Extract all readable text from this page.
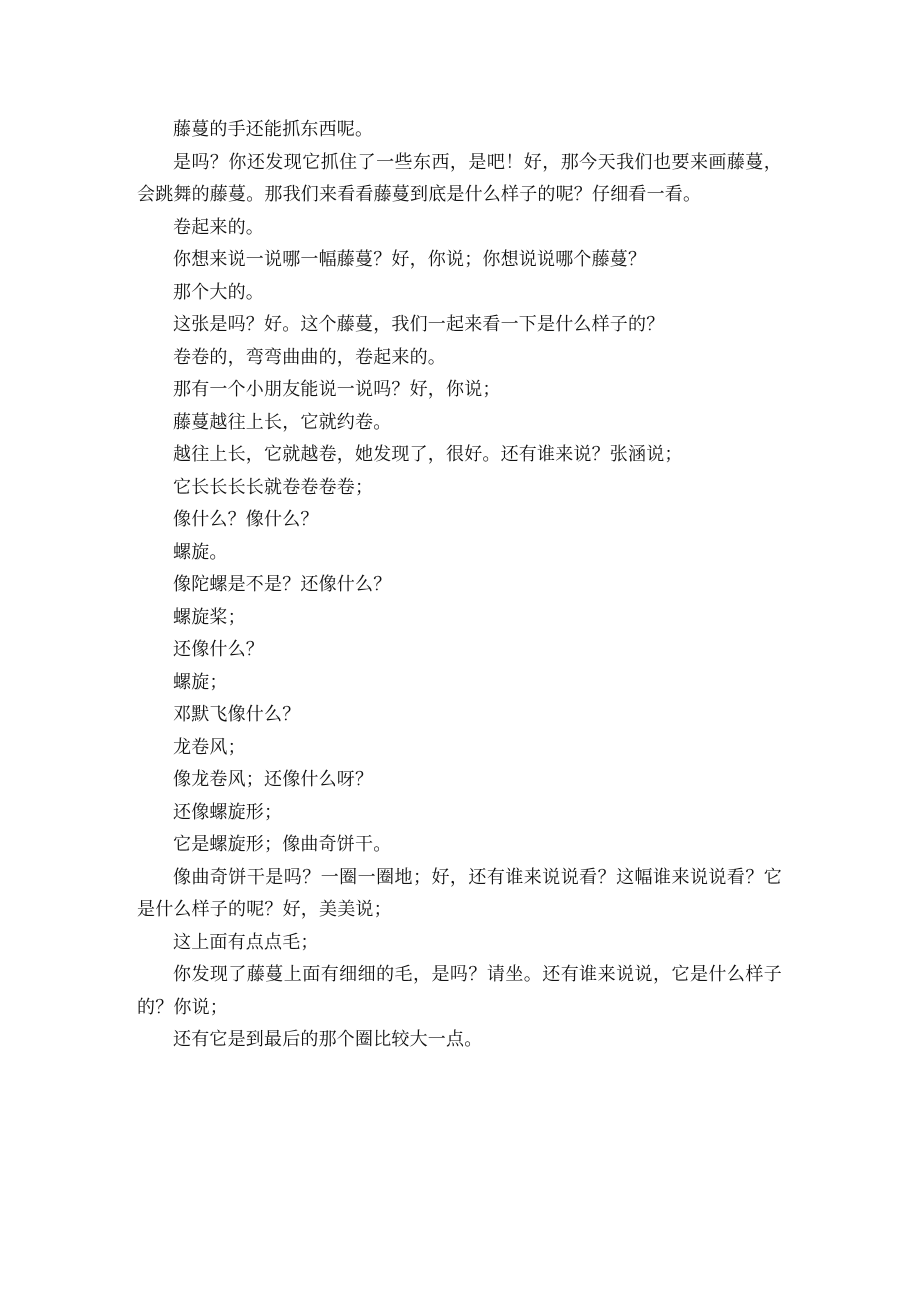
藤蔓的手还能抓东西呢。

是吗？你还发现它抓住了一些东西，是吧！好，那今天我们也要来画藤蔓，会跳舞的藤蔓。那我们来看看藤蔓到底是什么样子的呢？仔细看一看。

卷起来的。

你想来说一说哪一幅藤蔓？好，你说；你想说说哪个藤蔓？

那个大的。

这张是吗？好。这个藤蔓，我们一起来看一下是什么样子的？

卷卷的，弯弯曲曲的，卷起来的。

那有一个小朋友能说一说吗？好，你说；

藤蔓越往上长，它就约卷。

越往上长，它就越卷，她发现了，很好。还有谁来说？张涵说；

它长长长长就卷卷卷卷；

像什么？像什么？

螺旋。

像陀螺是不是？还像什么？

螺旋桨；

还像什么？

螺旋；

邓默飞像什么？

龙卷风；

像龙卷风；还像什么呀？

还像螺旋形；

它是螺旋形；像曲奇饼干。

像曲奇饼干是吗？一圈一圈地；好，还有谁来说说看？这幅谁来说说看？它是什么样子的呢？好，美美说；

这上面有点点毛；

你发现了藤蔓上面有细细的毛，是吗？请坐。还有谁来说说，它是什么样子的？你说；

还有它是到最后的那个圈比较大一点。
